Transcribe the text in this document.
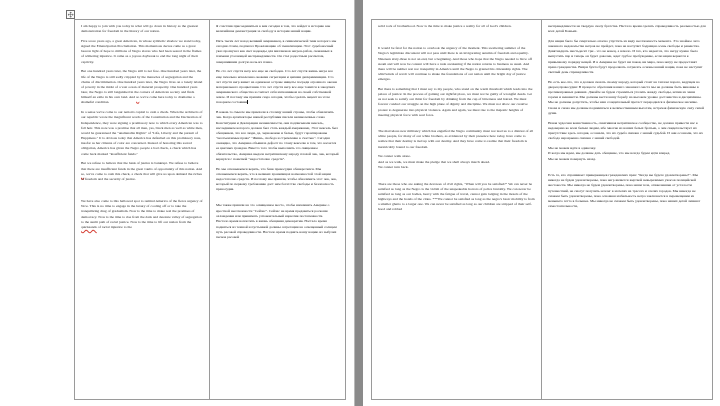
I am happy to join with you today in what will go down in history as the greatest demonstration for freedom in the history of our nation.

Five score years ago, a great American, in whose symbolic shadow we stand today, signed the Emancipation Proclamation. This momentous decree came as a great beacon light of hope to millions of Negro slaves who had been seared in the flames of withering injustice. It came as a joyous daybreak to end the long night of their captivity.

But one hundred years later, the Negro still is not free. One hundred years later, the life of the Negro is still sadly crippled by the manacles of segregation and the chains of discrimination. One hundred years later, the Negro lives on a lonely island of poverty in the midst of a vast ocean of material prosperity. One hundred years later, the Negro is still languished in the corners of American society and finds himself an exile in his own land. And so we've come here today to dramatize a shameful condition.

In a sense we've come to our nation's capital to cash a check. When the architects of our republic wrote the magnificent words of the Constitution and the Declaration of Independence, they were signing a promissory note to which every American was to fall heir. This note was a promise that all men, yes, black men as well as white men, would be guaranteed the "unalienable Rights" of "Life, Liberty and the pursuit of Happiness." It is obvious today that America has defaulted on this promissory note, insofar as her citizens of color are concerned. Instead of honoring this sacred obligation, America has given the Negro people a bad check, a check which has come back marked "insufficient funds."

But we refuse to believe that the bank of justice is bankrupt. We refuse to believe that there are insufficient funds in the great vaults of opportunity of this nation. And so, we've come to cash this check, a check that will give us upon demand the riches of freedom and the security of justice.

We have also come to this hallowed spot to remind America of the fierce urgency of Now. This is no time to engage in the luxury of cooling off or to take the tranquilizing drug of gradualism. Now is the time to make real the promises of democracy. Now is the time to rise from the dark and desolate valley of segregation to the sunlit path of racial justice. Now is the time to lift our nation from the quicksands of racial injustice to the

Я счастлив присоединиться к вам сегодня в том, что войдет в историю как величайшая демонстрация за свободу в истории нашей нации.

Пять тысяч лет назад великий американец, в символической тени которого мы сегодня стоим, подписал Прокламацию об эмансипации. Этот судьбоносный указ прозвучал как свет надежды для миллионов негров-рабов, скованных в пламени угасающей несправедливости. Он стал радостным рассветом, завершившим долгую ночь их плена.

Но сто лет спустя негр все еще не свободен. Сто лет спустя жизнь негра все еще печально искалечена оковами сегрегации и цепями дискриминации. Сто лет спустя негр живет на одиноком острове нищеты посреди огромного океана материального процветания. Сто лет спустя негр все еще томится в закоулках американского общества и считает себя изгнанником на своей собственной земле. И поэтому мы пришли сюда сегодня, чтобы сделать акцент на этом позорном состоянии

В каком-то смысле мы приехали в столицу нашей страны, чтобы обналичить чек. Когда архитекторы нашей республики писали великолепные слова Конституции и Декларации независимости, они подписывали вексель, наследником которого должен был стать каждый американец. Этот вексель был обещанием, что все люди, да, чернокожие и белые, будут гарантированы "неотъемлемые права" "Жизнь, свобода и стремление к счастью". Сегодня очевидно, что Америка объявила дефолт по этому векселю в том, что касается ее цветных граждан. Вместо того чтобы выполнить это священное обязательство, Америка выдала негритянскому народу плохой чек, чек, который вернулся с пометкой "недостаточно средств".

Но мы отказываемся верить, что банк правосудия обанкротился. Мы отказываемся верить, что в великих хранилищах возможностей этой нации недостаточно средств. И поэтому мы пришли, чтобы обналичить этот чек, чек, который по первому требованию даст нам богатство свободы и безопасность правосудия.

Мы также пришли на это освященное место, чтобы напомнить Америке о яростной неотложности "Сейчас". Сейчас не время предаваться роскоши охлаждения или принимать успокоительный наркотик постепенности.

Настало время воплотить в жизнь обещания демократии. Настало время подняться из темной и пустынной долины сегрегации на освещенный солнцем путь расовой справедливости. Настало время поднять нашу нацию из зыбучих песков расовой

solid rock of brotherhood. Now is the time to make justice a reality for all of God's children.

It would be fatal for the nation to overlook the urgency of the moment. This sweltering summer of the Negro's legitimate discontent will not pass until there is an invigorating autumn of freedom and equality. Nineteen sixty-three is not an end, but a beginning. And those who hope that the Negro needed to blow off steam and will now be content will have a rude awakening if the nation returns to business as usual. And there will be neither rest nor tranquility in America until the Negro is granted his citizenship rights. The whirlwinds of revolt will continue to shake the foundations of our nation until the bright day of justice emerges.

But there is something that I must say to my people, who stand on the warm threshold which leads into the palace of justice: In the process of gaining our rightful place, we must not be guilty of wrongful deeds. Let us not seek to satisfy our thirst for freedom by drinking from the cup of bitterness and hatred. We must forever conduct our struggle on the high plane of dignity and discipline. We must not allow our creative protest to degenerate into physical violence. Again and again, we must rise to the majestic heights of meeting physical force with soul force.

The marvelous new militancy which has engulfed the Negro community must not lead us to a distrust of all white people, for many of our white brothers, as evidenced by their presence here today, have come to realize that their destiny is tied up with our destiny. And they have come to realize that their freedom is inextricably bound to our freedom.

We cannot walk alone.

And as we walk, we must make the pledge that we shall always march ahead.

We cannot turn back.

There are those who are asking the devotees of civil rights, "When will you be satisfied?" We can never be satisfied as long as the Negro is the victim of the unspeakable horrors of police brutality. We can never be satisfied as long as our bodies, heavy with the fatigue of travel, cannot gain lodging in the motels of the highways and the hotels of the cities. ***We cannot be satisfied as long as the negro's basic mobility is from a smaller ghetto to a larger one. We can never be satisfied as long as our children are stripped of their self-hood and robbed

несправедливости на твердую скалу братства. Настало время сделать справедливость реальностью для всех детей Божьих.

Для нации было бы смертельно опасно упустить из виду неотложность момента. Это знойное лето законного недовольства негров не пройдет, пока не наступит бодрящая осень свободы и равенства. Девятнадцать шестьдесят три - это не конец, а начало. И тех, кто надеется, что негру нужно было выпустить пар и теперь он будет доволен, ждет грубое пробуждение, если нация вернется к привычному порядку вещей. И в Америке не будет ни покоя, ни мира, пока негру не предоставят права гражданства. Вихри бунта будут продолжать сотрясать основы нашей нации, пока не наступит светлый день справедливости.

Но есть кое-что, что я должен сказать своему народу, который стоит на теплом пороге, ведущем во дворец правосудия: В процессе обретения нашего законного места мы не должны быть виновны в противоправных деяниях. Давайте не будем стремиться утолить жажду свободы, испив из чаши горечи и ненависти. Мы должны вести нашу борьбу на высоком уровне достоинства и дисциплины. Мы не должны допустить, чтобы наш созидательный протест переродился в физическое насилие. Снова и снова мы должны подниматься к величественным высотам, встречая физическую силу силой души.

Новая чудесная воинственность, охватившая негритянское сообщество, не должна привести нас к недоверию ко всем белым людям, ибо многие из наших белых братьев, о чем свидетельствует их присутствие здесь сегодня, осознали, что их судьба связана с нашей судьбой. И они осознали, что их свобода неразрывно связана с нашей свободой.

Мы не можем идти в одиночку.

И когда мы идем, мы должны дать обещание, что мы всегда будем идти вперед.

Мы не можем повернуть назад.

Есть те, кто спрашивает приверженцев гражданских прав: "Когда вы будете удовлетворены?". Мы никогда не будем удовлетворены, пока негр является жертвой невыразимых ужасов полицейской жестокости. Мы никогда не будем удовлетворены, пока наши тела, отяжелевшие от усталости путешествий, не смогут получить ночлег в мотелях на трассах и отелях городов. Мы никогда не сможем быть удовлетворены, пока основная мобильность негра заключается в перемещении из меньшего гетто в большее. Мы никогда не сможем быть удовлетворены, пока наших детей лишают самостоятельности,
